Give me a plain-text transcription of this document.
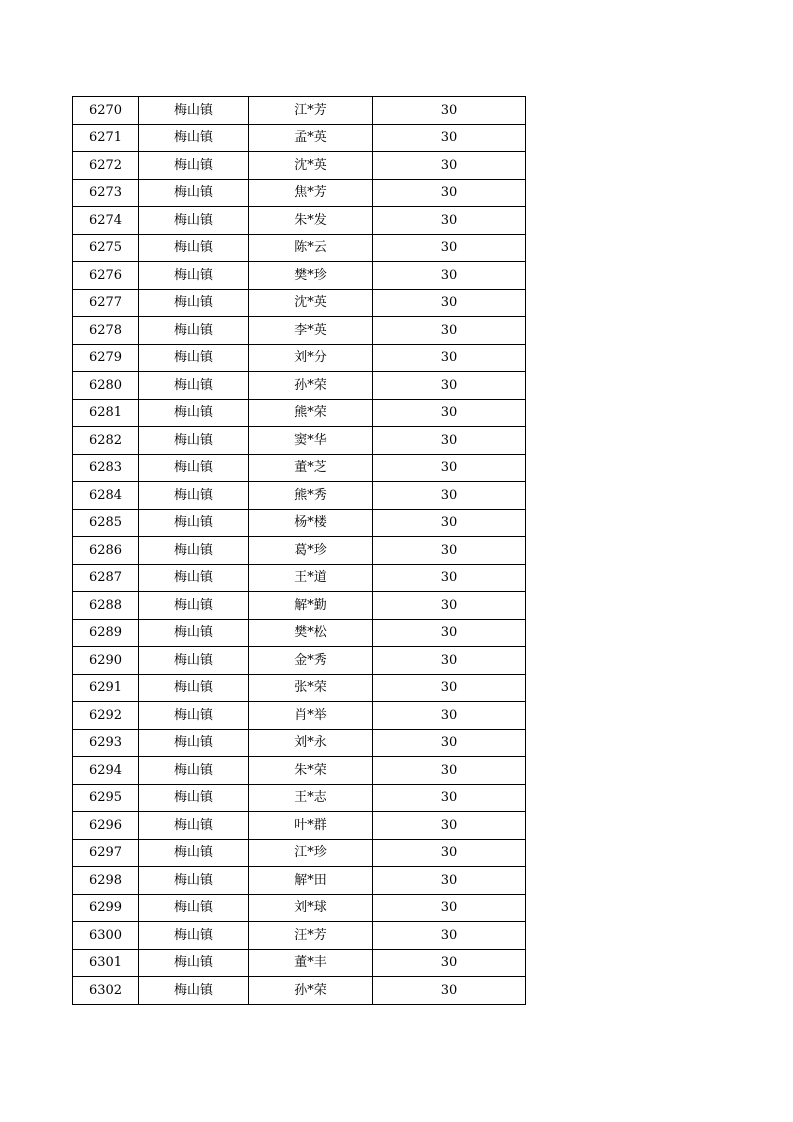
6270	梅山镇	江*芳	30
6271	梅山镇	孟*英	30
6272	梅山镇	沈*英	30
6273	梅山镇	焦*芳	30
6274	梅山镇	朱*发	30
6275	梅山镇	陈*云	30
6276	梅山镇	樊*珍	30
6277	梅山镇	沈*英	30
6278	梅山镇	李*英	30
6279	梅山镇	刘*分	30
6280	梅山镇	孙*荣	30
6281	梅山镇	熊*荣	30
6282	梅山镇	窦*华	30
6283	梅山镇	董*芝	30
6284	梅山镇	熊*秀	30
6285	梅山镇	杨*楼	30
6286	梅山镇	葛*珍	30
6287	梅山镇	王*道	30
6288	梅山镇	解*勤	30
6289	梅山镇	樊*松	30
6290	梅山镇	金*秀	30
6291	梅山镇	张*荣	30
6292	梅山镇	肖*举	30
6293	梅山镇	刘*永	30
6294	梅山镇	朱*荣	30
6295	梅山镇	王*志	30
6296	梅山镇	叶*群	30
6297	梅山镇	江*珍	30
6298	梅山镇	解*田	30
6299	梅山镇	刘*球	30
6300	梅山镇	汪*芳	30
6301	梅山镇	董*丰	30
6302	梅山镇	孙*荣	30
